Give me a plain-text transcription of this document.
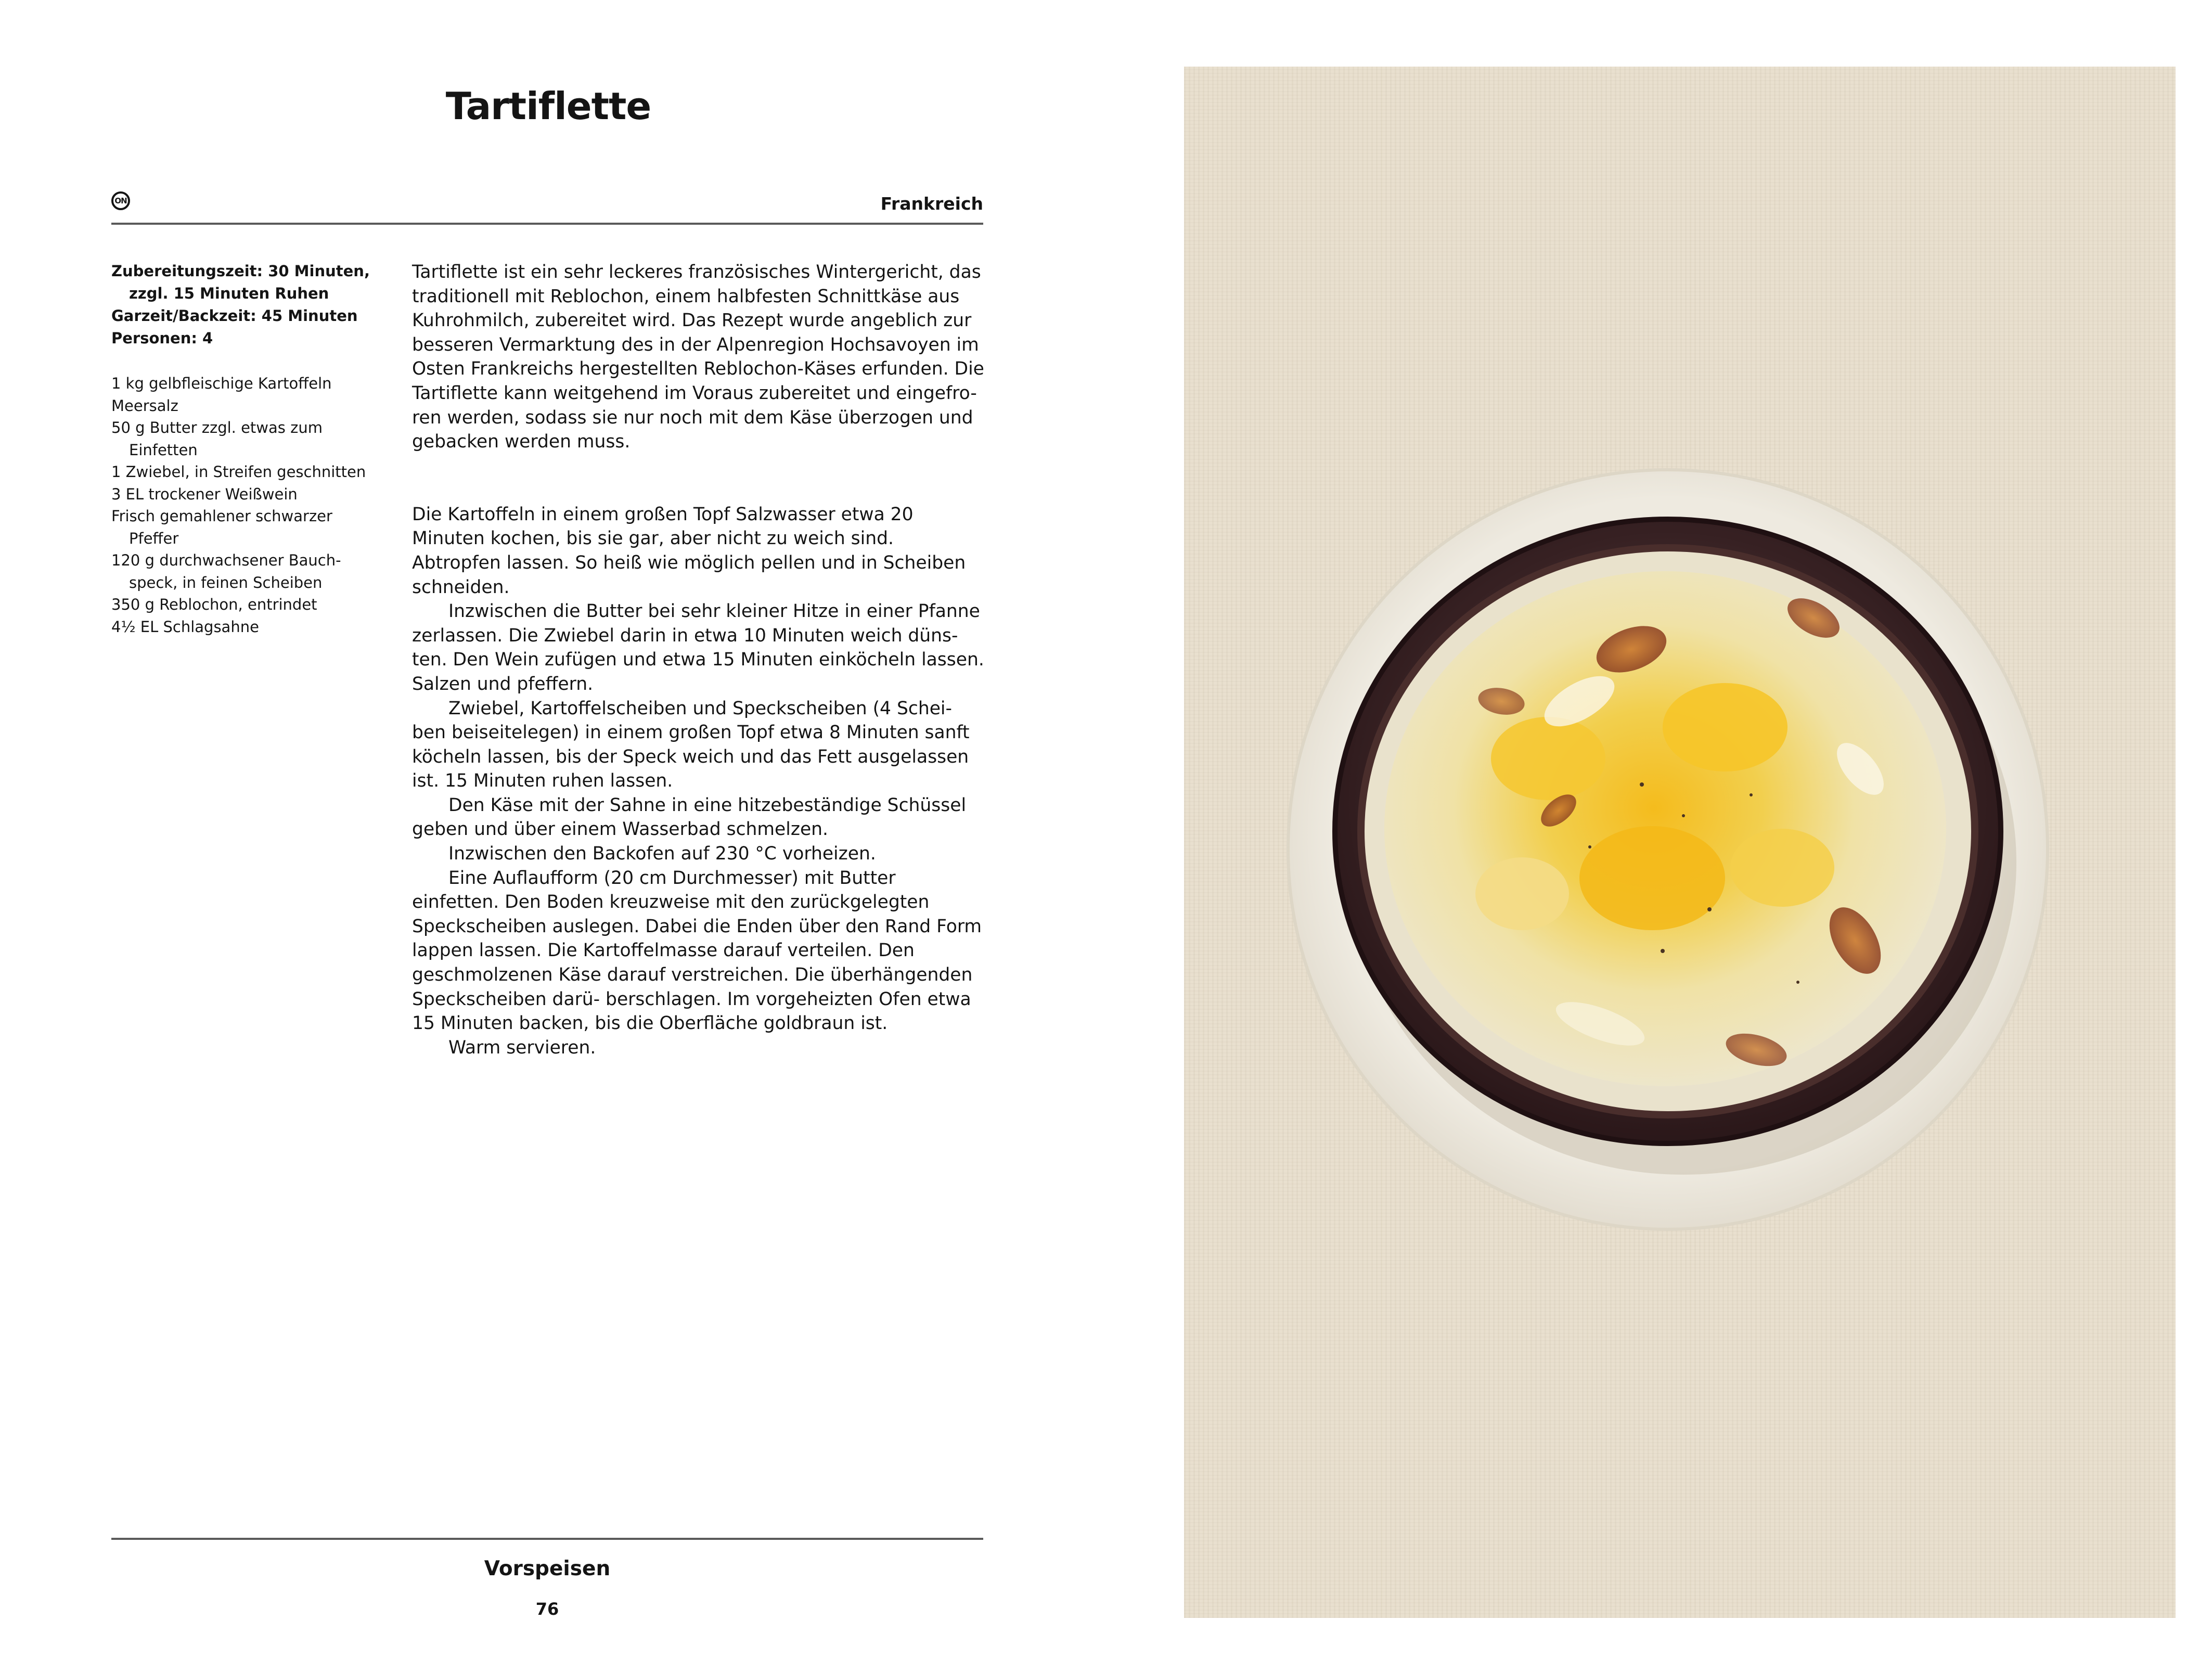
Tartiflette
ON	Frankreich

Zubereitungszeit: 30 Minuten, zzgl. 15 Minuten Ruhen

Garzeit/Backzeit: 45 Minuten

Personen: 4

1 kg gelbfleischige Kartoffeln

Meersalz

50 g Butter zzgl. etwas zum Einfetten

1 Zwiebel, in Streifen geschnitten

3 EL trockener Weißwein

Frisch gemahlener schwarzer Pfeffer

120 g durchwachsener Bauch- speck, in feinen Scheiben

350 g Reblochon, entrindet

4½ EL Schlagsahne

Tartiflette ist ein sehr leckeres französisches Wintergericht, das traditionell mit Reblochon, einem halbfesten Schnittkäse aus Kuhrohmilch, zubereitet wird. Das Rezept wurde angeblich zur besseren Vermarktung des in der Alpenregion Hochsavoyen im Osten Frankreichs hergestellten Reblochon-Käses erfunden. Die Tartiflette kann weitgehend im Voraus zubereitet und eingefro- ren werden, sodass sie nur noch mit dem Käse überzogen und gebacken werden muss.

Die Kartoffeln in einem großen Topf Salzwasser etwa 20 Minuten kochen, bis sie gar, aber nicht zu weich sind. Abtropfen lassen. So heiß wie möglich pellen und in Scheiben schneiden.

Inzwischen die Butter bei sehr kleiner Hitze in einer Pfanne zerlassen. Die Zwiebel darin in etwa 10 Minuten weich düns- ten. Den Wein zufügen und etwa 15 Minuten einköcheln lassen. Salzen und pfeffern.

Zwiebel, Kartoffelscheiben und Speckscheiben (4 Schei- ben beiseitelegen) in einem großen Topf etwa 8 Minuten sanft köcheln lassen, bis der Speck weich und das Fett ausgelassen ist. 15 Minuten ruhen lassen.

Den Käse mit der Sahne in eine hitzebeständige Schüssel geben und über einem Wasserbad schmelzen.

Inzwischen den Backofen auf 230 °C vorheizen.

Eine Auflaufform (20 cm Durchmesser) mit Butter einfetten. Den Boden kreuzweise mit den zurückgelegten Speckscheiben auslegen. Dabei die Enden über den Rand Form lappen lassen. Die Kartoffelmasse darauf verteilen. Den geschmolzenen Käse darauf verstreichen. Die überhängenden Speckscheiben darü- berschlagen. Im vorgeheizten Ofen etwa 15 Minuten backen, bis die Oberfläche goldbraun ist.

Warm servieren.

Vorspeisen
76
